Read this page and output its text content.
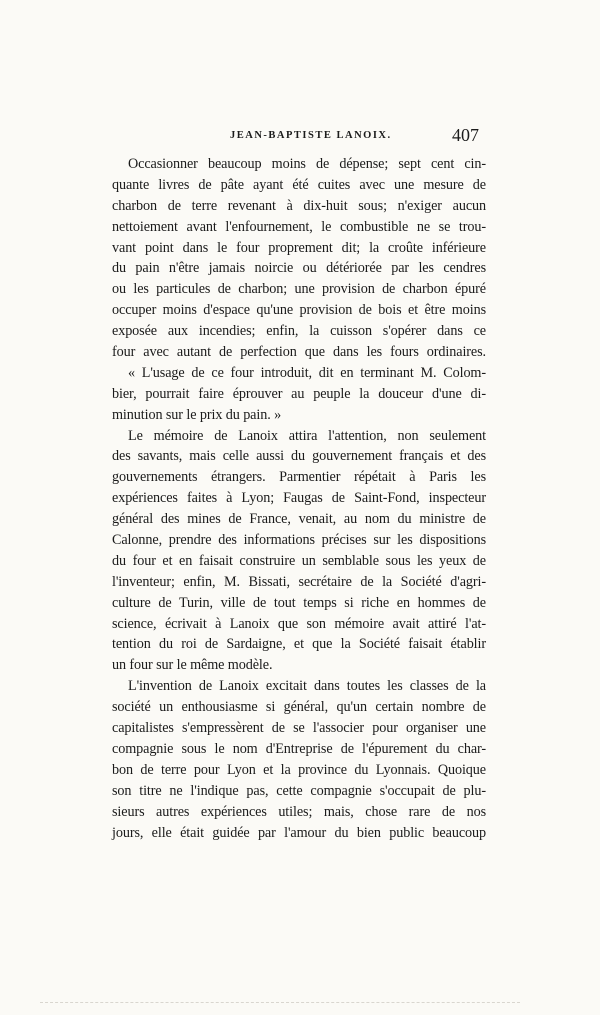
JEAN-BAPTISTE LANOIX.	407
Occasionner beaucoup moins de dépense; sept cent cin-
quante livres de pâte ayant été cuites avec une mesure de
charbon de terre revenant à dix-huit sous; n'exiger aucun
nettoiement avant l'enfournement, le combustible ne se trou-
vant point dans le four proprement dit; la croûte inférieure
du pain n'être jamais noircie ou détériorée par les cendres
ou les particules de charbon; une provision de charbon épuré
occuper moins d'espace qu'une provision de bois et être moins
exposée aux incendies; enfin, la cuisson s'opérer dans ce
four avec autant de perfection que dans les fours ordinaires.
« L'usage de ce four introduit, dit en terminant M. Colom-
bier, pourrait faire éprouver au peuple la douceur d'une di-
minution sur le prix du pain. »
Le mémoire de Lanoix attira l'attention, non seulement
des savants, mais celle aussi du gouvernement français et des
gouvernements étrangers. Parmentier répétait à Paris les
expériences faites à Lyon; Faugas de Saint-Fond, inspecteur
général des mines de France, venait, au nom du ministre de
Calonne, prendre des informations précises sur les dispositions
du four et en faisait construire un semblable sous les yeux de
l'inventeur; enfin, M. Bissati, secrétaire de la Société d'agri-
culture de Turin, ville de tout temps si riche en hommes de
science, écrivait à Lanoix que son mémoire avait attiré l'at-
tention du roi de Sardaigne, et que la Société faisait établir
un four sur le même modèle.
L'invention de Lanoix excitait dans toutes les classes de la
société un enthousiasme si général, qu'un certain nombre de
capitalistes s'empressèrent de se l'associer pour organiser une
compagnie sous le nom d'Entreprise de l'épurement du char-
bon de terre pour Lyon et la province du Lyonnais. Quoique
son titre ne l'indique pas, cette compagnie s'occupait de plu-
sieurs autres expériences utiles; mais, chose rare de nos
jours, elle était guidée par l'amour du bien public beaucoup
